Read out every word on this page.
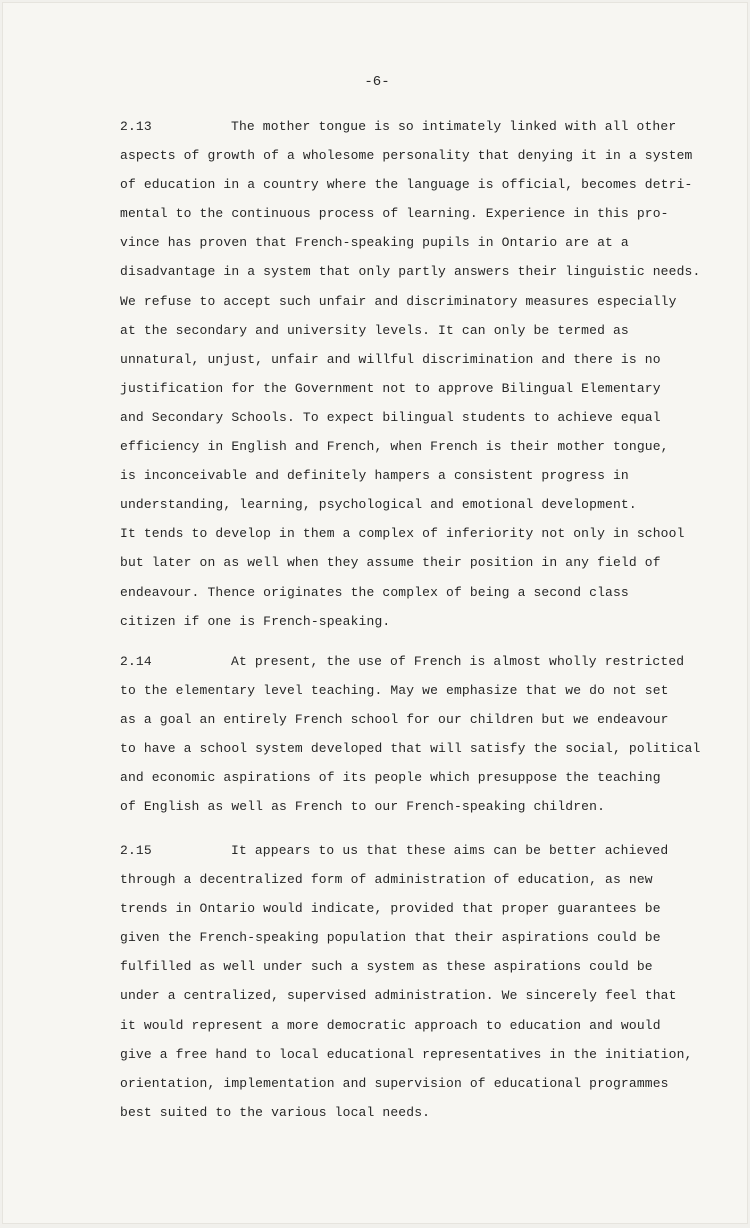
-6-
2.13	The mother tongue is so intimately linked with all other
aspects of growth of a wholesome personality that denying it in a system
of education in a country where the language is official, becomes detri-
mental to the continuous process of learning. Experience in this pro-
vince has proven that French-speaking pupils in Ontario are at a
disadvantage in a system that only partly answers their linguistic needs.
We refuse to accept such unfair and discriminatory measures especially
at the secondary and university levels. It can only be termed as
unnatural, unjust, unfair and willful discrimination and there is no
justification for the Government not to approve Bilingual Elementary
and Secondary Schools. To expect bilingual students to achieve equal
efficiency in English and French, when French is their mother tongue,
is inconceivable and definitely hampers a consistent progress in
understanding, learning, psychological and emotional development.
It tends to develop in them a complex of inferiority not only in school
but later on as well when they assume their position in any field of
endeavour. Thence originates the complex of being a second class
citizen if one is French-speaking.
2.14	At present, the use of French is almost wholly restricted
to the elementary level teaching. May we emphasize that we do not set
as a goal an entirely French school for our children but we endeavour
to have a school system developed that will satisfy the social, political
and economic aspirations of its people which presuppose the teaching
of English as well as French to our French-speaking children.
2.15	It appears to us that these aims can be better achieved
through a decentralized form of administration of education, as new
trends in Ontario would indicate, provided that proper guarantees be
given the French-speaking population that their aspirations could be
fulfilled as well under such a system as these aspirations could be
under a centralized, supervised administration. We sincerely feel that
it would represent a more democratic approach to education and would
give a free hand to local educational representatives in the initiation,
orientation, implementation and supervision of educational programmes
best suited to the various local needs.
